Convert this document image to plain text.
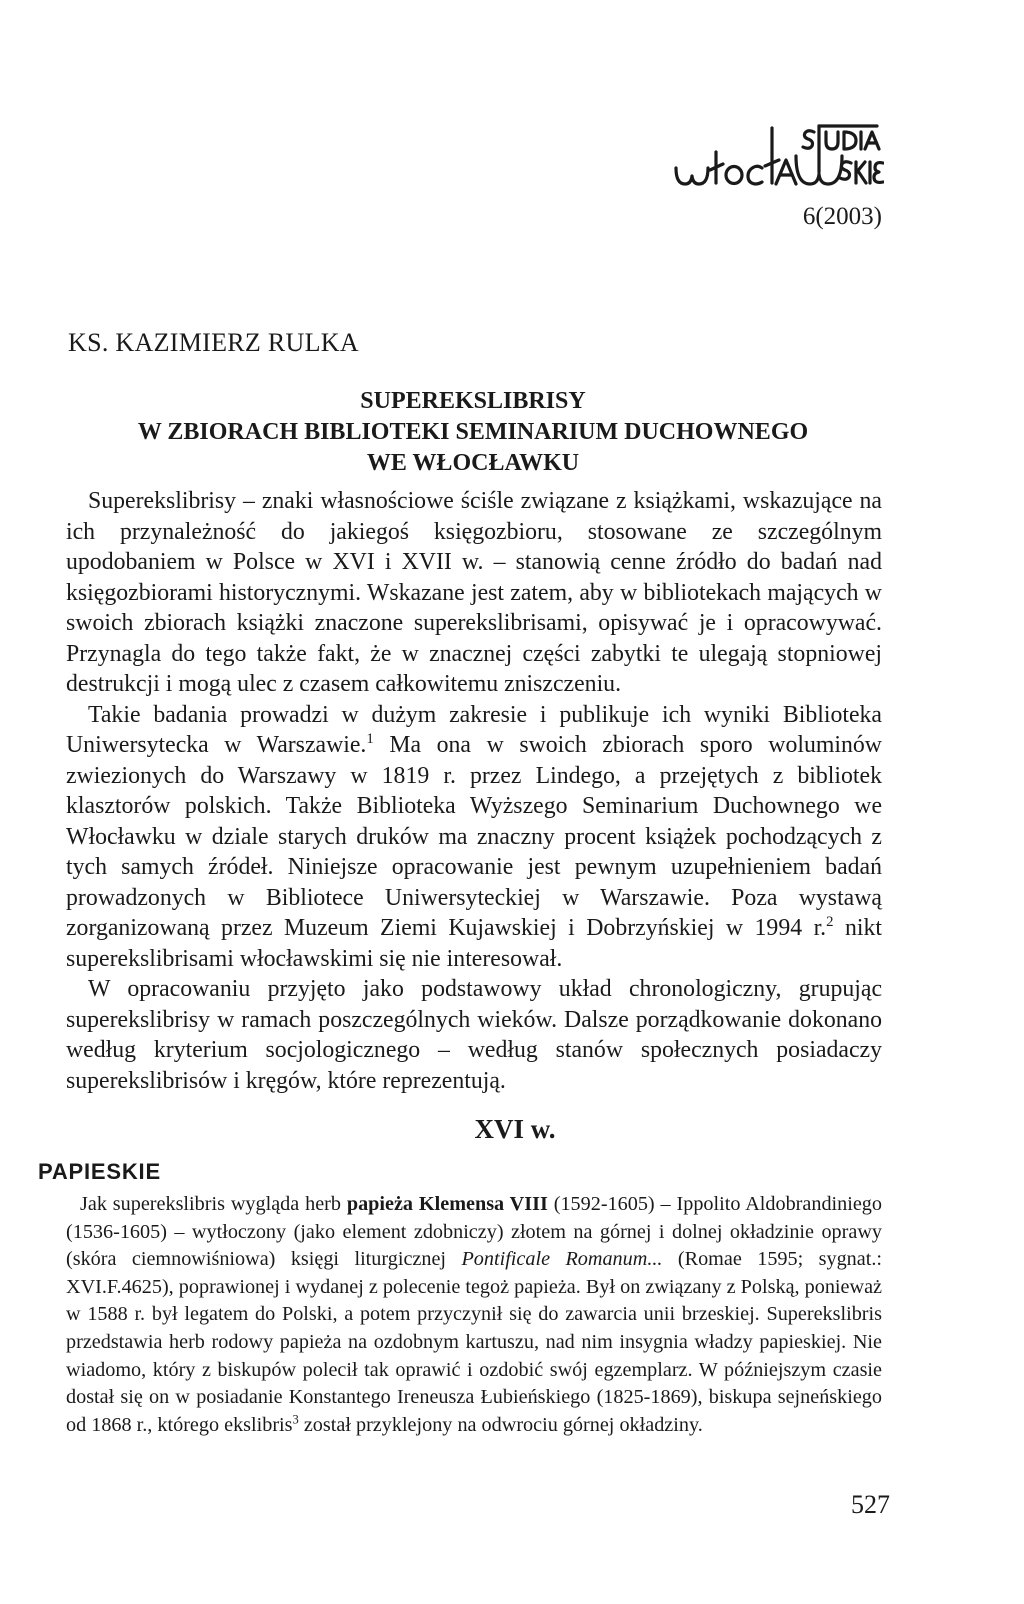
6(2003)
KS. KAZIMIERZ RULKA
SUPEREKSLIBRISY
W ZBIORACH BIBLIOTEKI SEMINARIUM DUCHOWNEGO
WE WŁOCŁAWKU

Superekslibrisy – znaki własnościowe ściśle związane z książkami, wskazujące na ich przynależność do jakiegoś księgozbioru, stosowane ze szczególnym upodobaniem w Polsce w XVI i XVII w. – stanowią cenne źródło do badań nad księgozbiorami historycznymi. Wskazane jest zatem, aby w bibliotekach mających w swoich zbiorach książki znaczone superekslibrisami, opisywać je i opracowywać. Przynagla do tego także fakt, że w znacznej części zabytki te ulegają stopniowej destrukcji i mogą ulec z czasem całkowitemu zniszczeniu.

Takie badania prowadzi w dużym zakresie i publikuje ich wyniki Biblioteka Uniwersytecka w Warszawie.$^1$ Ma ona w swoich zbiorach sporo woluminów zwiezionych do Warszawy w 1819 r. przez Lindego, a przejętych z bibliotek klasztorów polskich. Także Biblioteka Wyższego Seminarium Duchownego we Włocławku w dziale starych druków ma znaczny procent książek pochodzących z tych samych źródeł. Niniejsze opracowanie jest pewnym uzupełnieniem badań prowadzonych w Bibliotece Uniwersyteckiej w Warszawie. Poza wystawą zorganizowaną przez Muzeum Ziemi Kujawskiej i Dobrzyńskiej w 1994 r.$^2$ nikt superekslibrisami włocławskimi się nie interesował.

W opracowaniu przyjęto jako podstawowy układ chronologiczny, grupując superekslibrisy w ramach poszczególnych wieków. Dalsze porządkowanie dokonano według kryterium socjologicznego – według stanów społecznych posiadaczy superekslibrisów i kręgów, które reprezentują.

XVI w.
PAPIESKIE

Jak superekslibris wygląda herb papieża Klemensa VIII (1592-1605) – Ippolito Aldobrandiniego (1536-1605) – wytłoczony (jako element zdobniczy) złotem na górnej i dolnej okładzinie oprawy (skóra ciemnowiśniowa) księgi liturgicznej Pontificale Romanum... (Romae 1595; sygnat.: XVI.F.4625), poprawionej i wydanej z polecenie tegoż papieża. Był on związany z Polską, ponieważ w 1588 r. był legatem do Polski, a potem przyczynił się do zawarcia unii brzeskiej. Superekslibris przedstawia herb rodowy papieża na ozdobnym kartuszu, nad nim insygnia władzy papieskiej. Nie wiadomo, który z biskupów polecił tak oprawić i ozdobić swój egzemplarz. W późniejszym czasie dostał się on w posiadanie Konstantego Ireneusza Łubieńskiego (1825-1869), biskupa sejneńskiego od 1868 r., którego ekslibris$^3$ został przyklejony na odwrociu górnej okładziny.

527
